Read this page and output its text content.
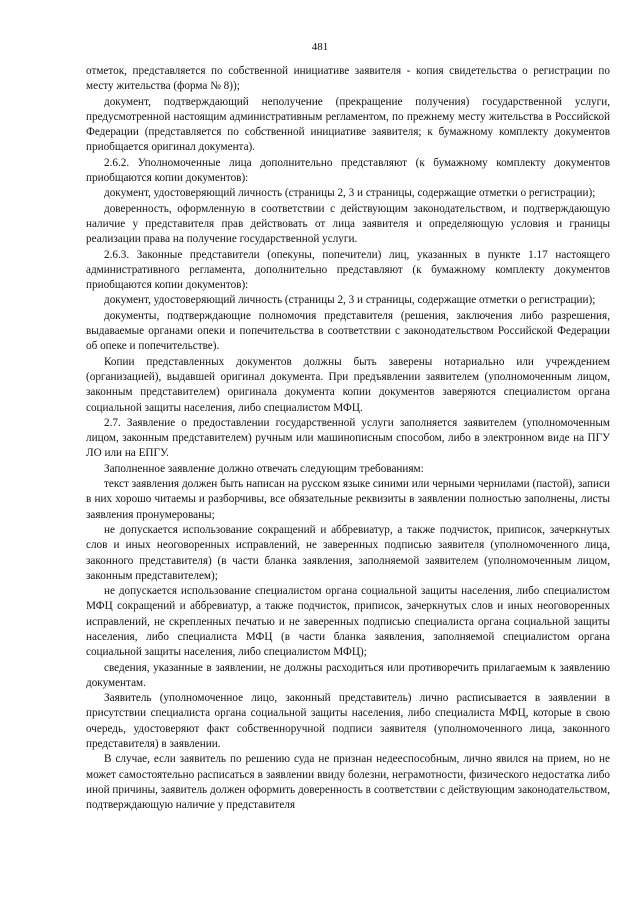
481

отметок, представляется по собственной инициативе заявителя - копия свидетельства о регистрации по месту жительства (форма № 8));

документ, подтверждающий неполучение (прекращение получения) государственной услуги, предусмотренной настоящим административным регламентом, по прежнему месту жительства в Российской Федерации (представляется по собственной инициативе заявителя; к бумажному комплекту документов приобщается оригинал документа).

2.6.2. Уполномоченные лица дополнительно представляют (к бумажному комплекту документов приобщаются копии документов):

документ, удостоверяющий личность (страницы 2, 3 и страницы, содержащие отметки о регистрации);

доверенность, оформленную в соответствии с действующим законодательством, и подтверждающую наличие у представителя прав действовать от лица заявителя и определяющую условия и границы реализации права на получение государственной услуги.

2.6.3. Законные представители (опекуны, попечители) лиц, указанных в пункте 1.17 настоящего административного регламента, дополнительно представляют (к бумажному комплекту документов приобщаются копии документов):

документ, удостоверяющий личность (страницы 2, 3 и страницы, содержащие отметки о регистрации);

документы, подтверждающие полномочия представителя (решения, заключения либо разрешения, выдаваемые органами опеки и попечительства в соответствии с законодательством Российской Федерации об опеке и попечительстве).

Копии представленных документов должны быть заверены нотариально или учреждением (организацией), выдавшей оригинал документа. При предъявлении заявителем (уполномоченным лицом, законным представителем) оригинала документа копии документов заверяются специалистом органа социальной защиты населения, либо специалистом МФЦ.

2.7. Заявление о предоставлении государственной услуги заполняется заявителем (уполномоченным лицом, законным представителем) ручным или машинописным способом, либо в электронном виде на ПГУ ЛО или на ЕПГУ.

Заполненное заявление должно отвечать следующим требованиям:

текст заявления должен быть написан на русском языке синими или черными чернилами (пастой), записи в них хорошо читаемы и разборчивы, все обязательные реквизиты в заявлении полностью заполнены, листы заявления пронумерованы;

не допускается использование сокращений и аббревиатур, а также подчисток, приписок, зачеркнутых слов и иных неоговоренных исправлений, не заверенных подписью заявителя (уполномоченного лица, законного представителя) (в части бланка заявления, заполняемой заявителем (уполномоченным лицом, законным представителем);

не допускается использование специалистом органа социальной защиты населения, либо специалистом МФЦ сокращений и аббревиатур, а также подчисток, приписок, зачеркнутых слов и иных неоговоренных исправлений, не скрепленных печатью и не заверенных подписью специалиста органа социальной защиты населения, либо специалиста МФЦ (в части бланка заявления, заполняемой специалистом органа социальной защиты населения, либо специалистом МФЦ);

сведения, указанные в заявлении, не должны расходиться или противоречить прилагаемым к заявлению документам.

Заявитель (уполномоченное лицо, законный представитель) лично расписывается в заявлении в присутствии специалиста органа социальной защиты населения, либо специалиста МФЦ, которые в свою очередь, удостоверяют факт собственноручной подписи заявителя (уполномоченного лица, законного представителя) в заявлении.

В случае, если заявитель по решению суда не признан недееспособным, лично явился на прием, но не может самостоятельно расписаться в заявлении ввиду болезни, неграмотности, физического недостатка либо иной причины, заявитель должен оформить доверенность в соответствии с действующим законодательством, подтверждающую наличие у представителя
